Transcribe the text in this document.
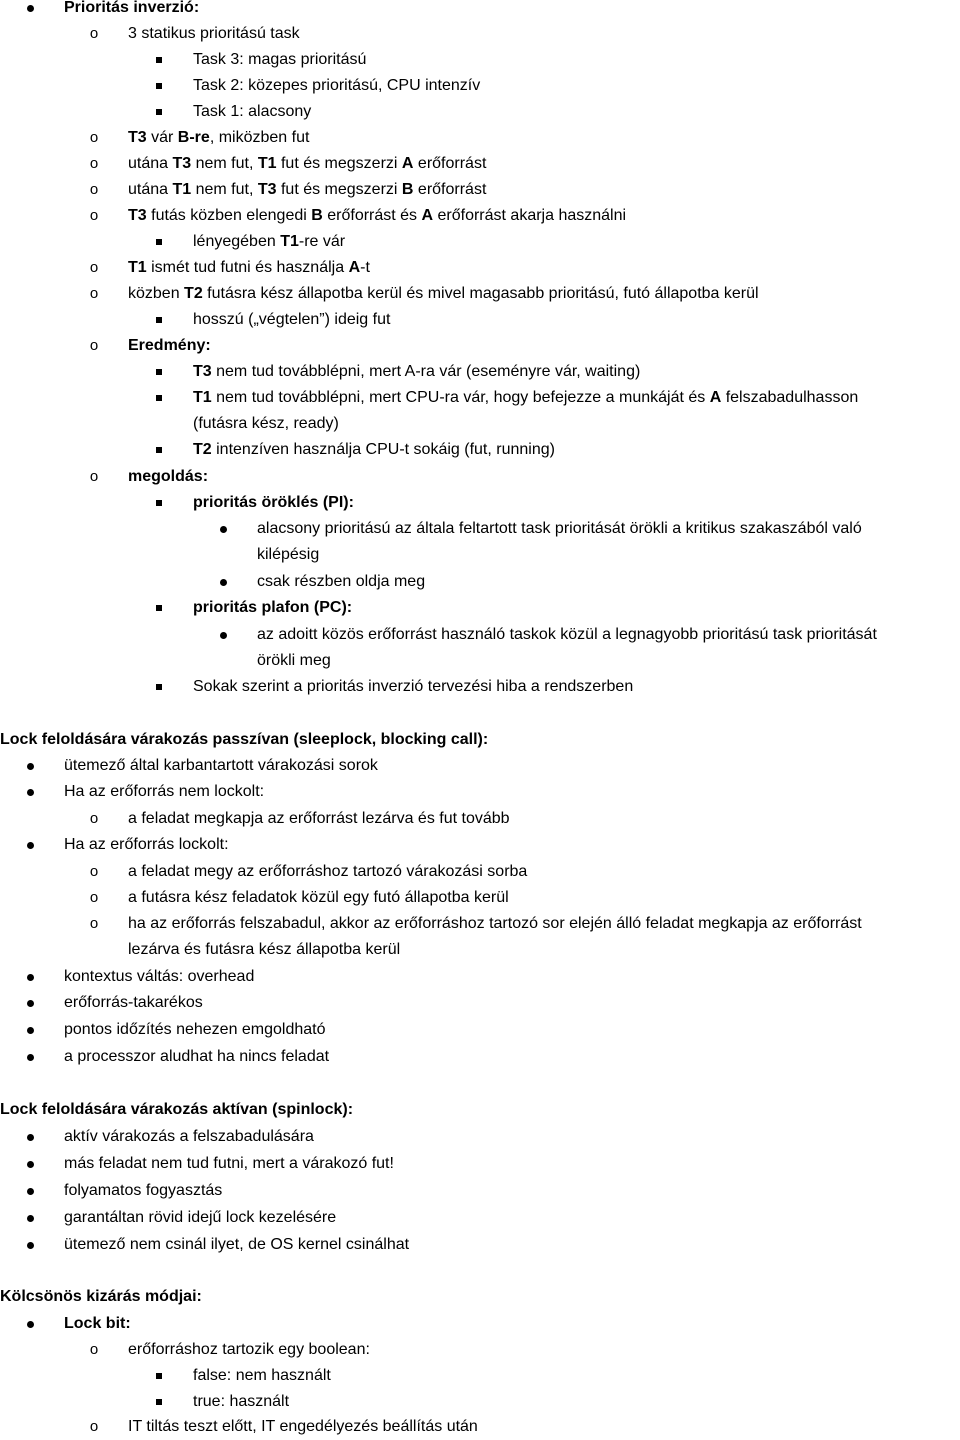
Prioritás inverzió:
o 3 statikus prioritású task
Task 3: magas prioritású
Task 2: közepes prioritású, CPU intenzív
Task 1: alacsony
o T3 vár B-re, miközben fut
o utána T3 nem fut, T1 fut és megszerzi A erőforrást
o utána T1 nem fut, T3 fut és megszerzi B erőforrást
o T3 futás közben elengedi B erőforrást és A erőforrást akarja használni
lényegében T1-re vár
o T1 ismét tud futni és használja A-t
o közben T2 futásra kész állapotba kerül és mivel magasabb prioritású, futó állapotba kerül
hosszú („végtelen”) ideig fut
o Eredmény:
T3 nem tud továbblépni, mert A-ra vár (eseményre vár, waiting)
T1 nem tud továbblépni, mert CPU-ra vár, hogy befejezze a munkáját és A felszabadulhasson
(futásra kész, ready)
T2 intenzíven használja CPU-t sokáig (fut, running)
o megoldás:
prioritás öröklés (PI):
alacsony prioritású az általa feltartott task prioritását örökli a kritikus szakaszából való
kilépésig
csak részben oldja meg
prioritás plafon (PC):
az adoitt közös erőforrást használó taskok közül a legnagyobb prioritású task prioritását
örökli meg
Sokak szerint a prioritás inverzió tervezési hiba a rendszerben
Lock feloldására várakozás passzívan (sleeplock, blocking call):
ütemező által karbantartott várakozási sorok
Ha az erőforrás nem lockolt:
o a feladat megkapja az erőforrást lezárva és fut tovább
Ha az erőforrás lockolt:
o a feladat megy az erőforráshoz tartozó várakozási sorba
o a futásra kész feladatok közül egy futó állapotba kerül
o ha az erőforrás felszabadul, akkor az erőforráshoz tartozó sor elején álló feladat megkapja az erőforrást
lezárva és futásra kész állapotba kerül
kontextus váltás: overhead
erőforrás-takarékos
pontos időzítés nehezen emgoldható
a processzor aludhat ha nincs feladat
Lock feloldására várakozás aktívan (spinlock):
aktív várakozás a felszabadulására
más feladat nem tud futni, mert a várakozó fut!
folyamatos fogyasztás
garantáltan rövid idejű lock kezelésére
ütemező nem csinál ilyet, de OS kernel csinálhat
Kölcsönös kizárás módjai:
Lock bit:
o erőforráshoz tartozik egy boolean:
false: nem használt
true: használt
o IT tiltás teszt előtt, IT engedélyezés beállítás után
